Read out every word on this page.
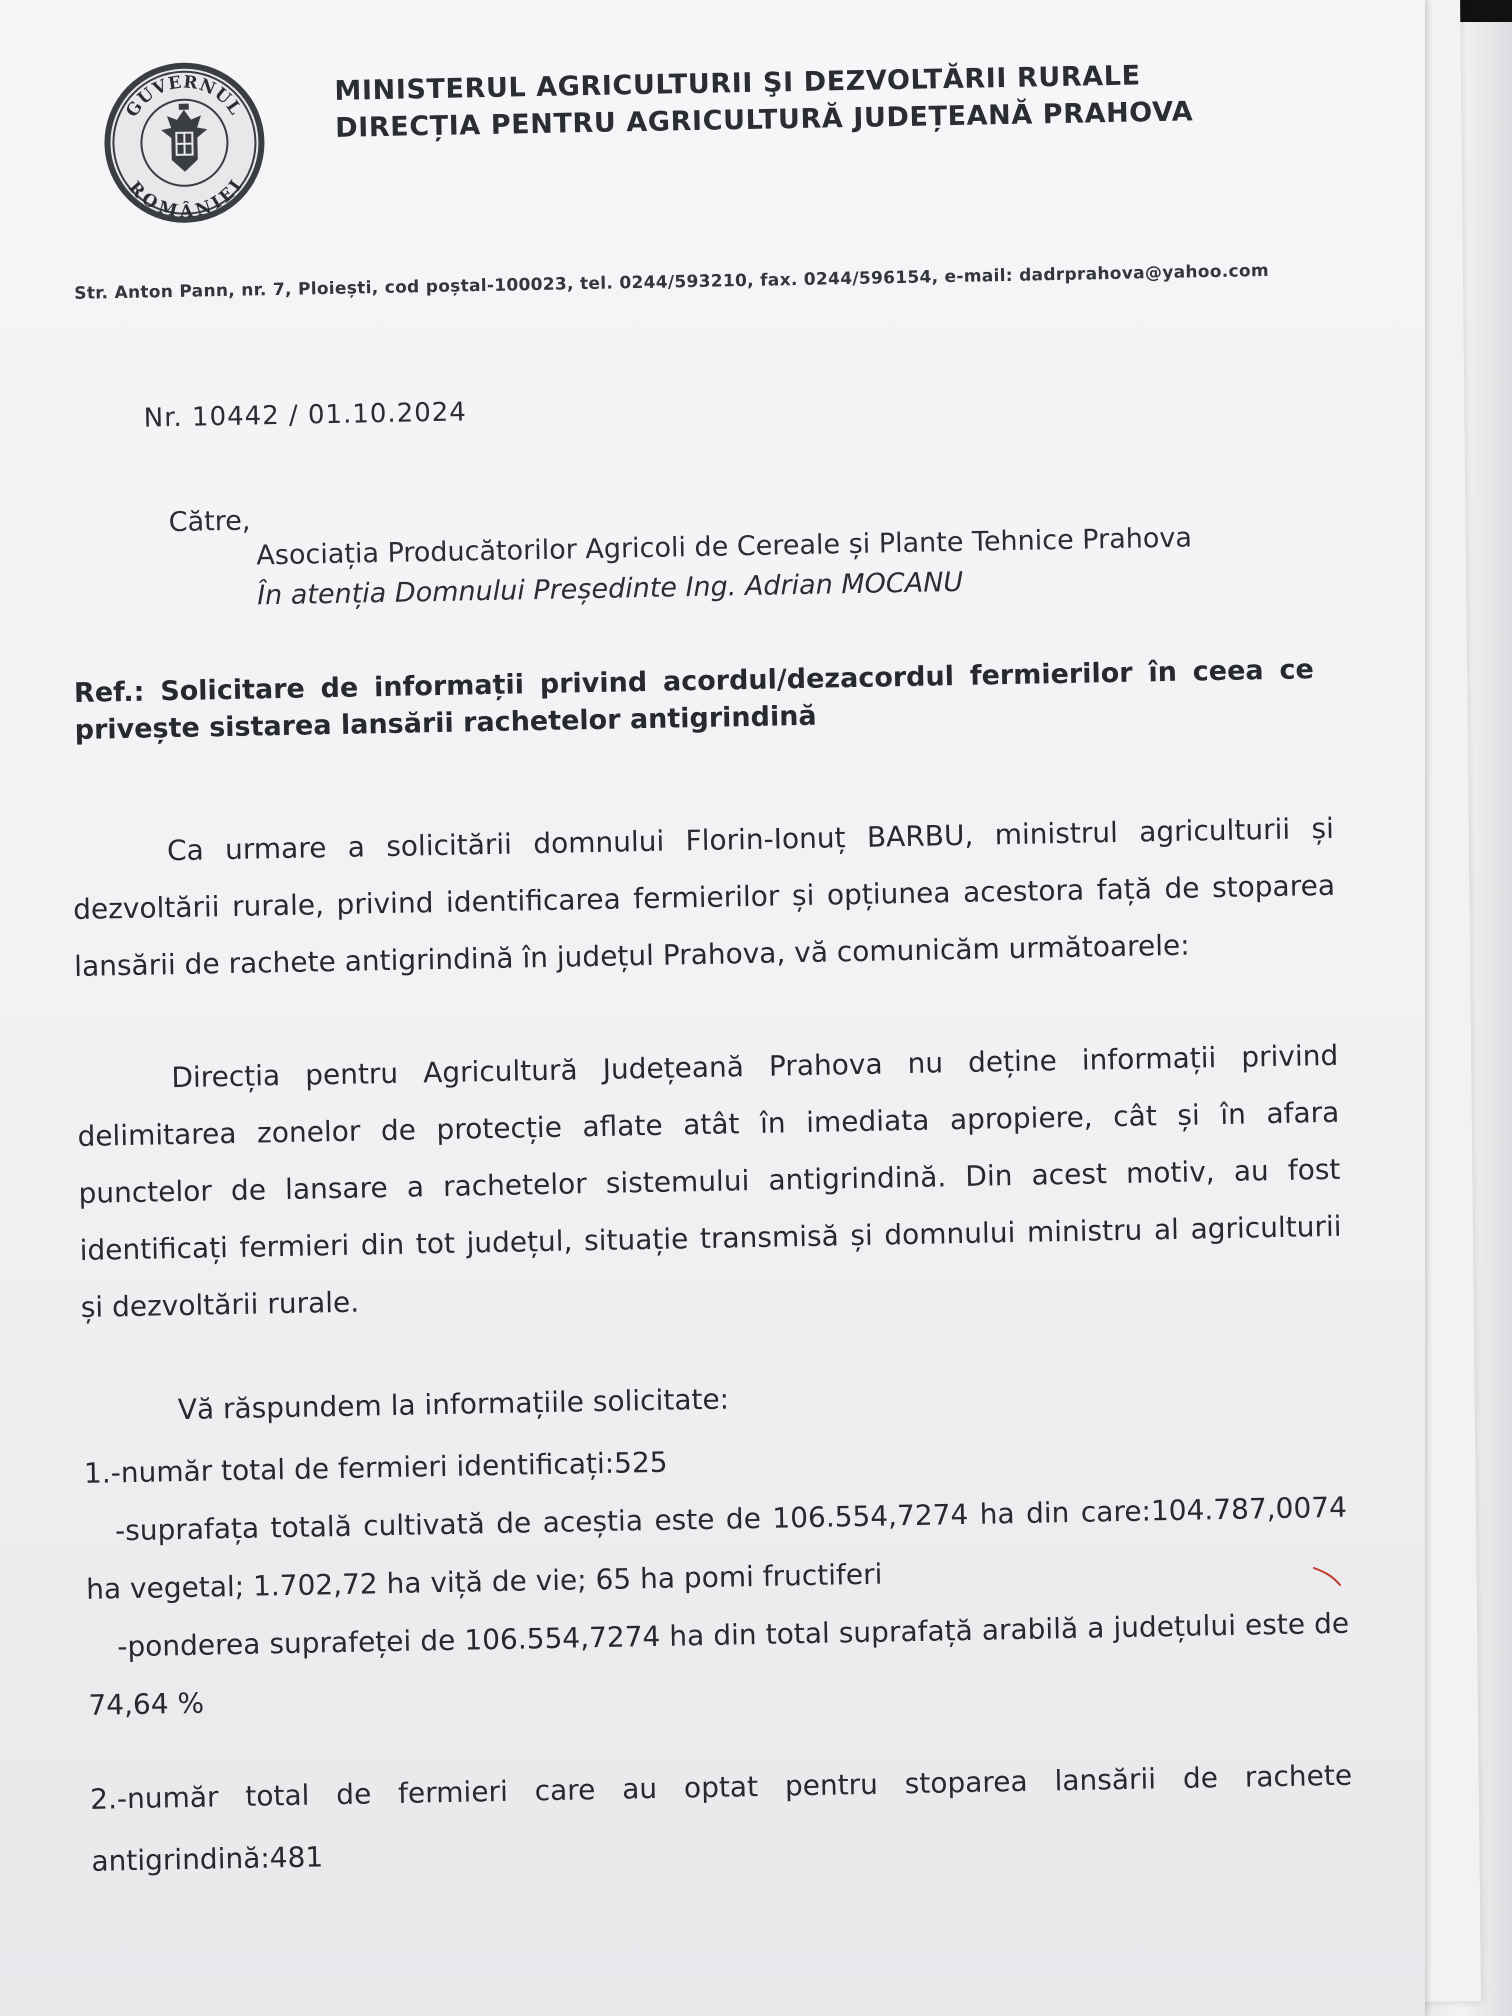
GUVERNUL
ROMÂNIEI
MINISTERUL AGRICULTURII ŞI DEZVOLTĂRII RURALE
DIRECȚIA PENTRU AGRICULTURĂ JUDEȚEANĂ PRAHOVA
Str. Anton Pann, nr. 7, Ploiești, cod poștal-100023, tel. 0244/593210, fax. 0244/596154, e-mail: dadrprahova@yahoo.com
Nr. 10442 / 01.10.2024
Către,
Asociația Producătorilor Agricoli de Cereale și Plante Tehnice Prahova
În atenția Domnului Președinte Ing. Adrian MOCANU
Ref.: Solicitare de informații privind acordul/dezacordul fermierilor în ceea ce privește sistarea lansării rachetelor antigrindină
Ca urmare a solicitării domnului Florin-Ionuț BARBU, ministrul agriculturii și dezvoltării rurale, privind identificarea fermierilor și opțiunea acestora față de stoparea lansării de rachete antigrindină în județul Prahova, vă comunicăm următoarele:
Direcția pentru Agricultură Județeană Prahova nu deține informații privind delimitarea zonelor de protecție aflate atât în imediata apropiere, cât și în afara punctelor de lansare a rachetelor sistemului antigrindină. Din acest motiv, au fost identificați fermieri din tot județul, situație transmisă și domnului ministru al agriculturii și dezvoltării rurale.
Vă răspundem la informațiile solicitate:
1.-număr total de fermieri identificați:525
-suprafața totală cultivată de aceștia este de 106.554,7274 ha din care:104.787,0074 ha vegetal; 1.702,72 ha viță de vie; 65 ha pomi fructiferi
-ponderea suprafeței de 106.554,7274 ha din total suprafață arabilă a județului este de 74,64 %
2.-număr total de fermieri care au optat pentru stoparea lansării de rachete antigrindină:481
